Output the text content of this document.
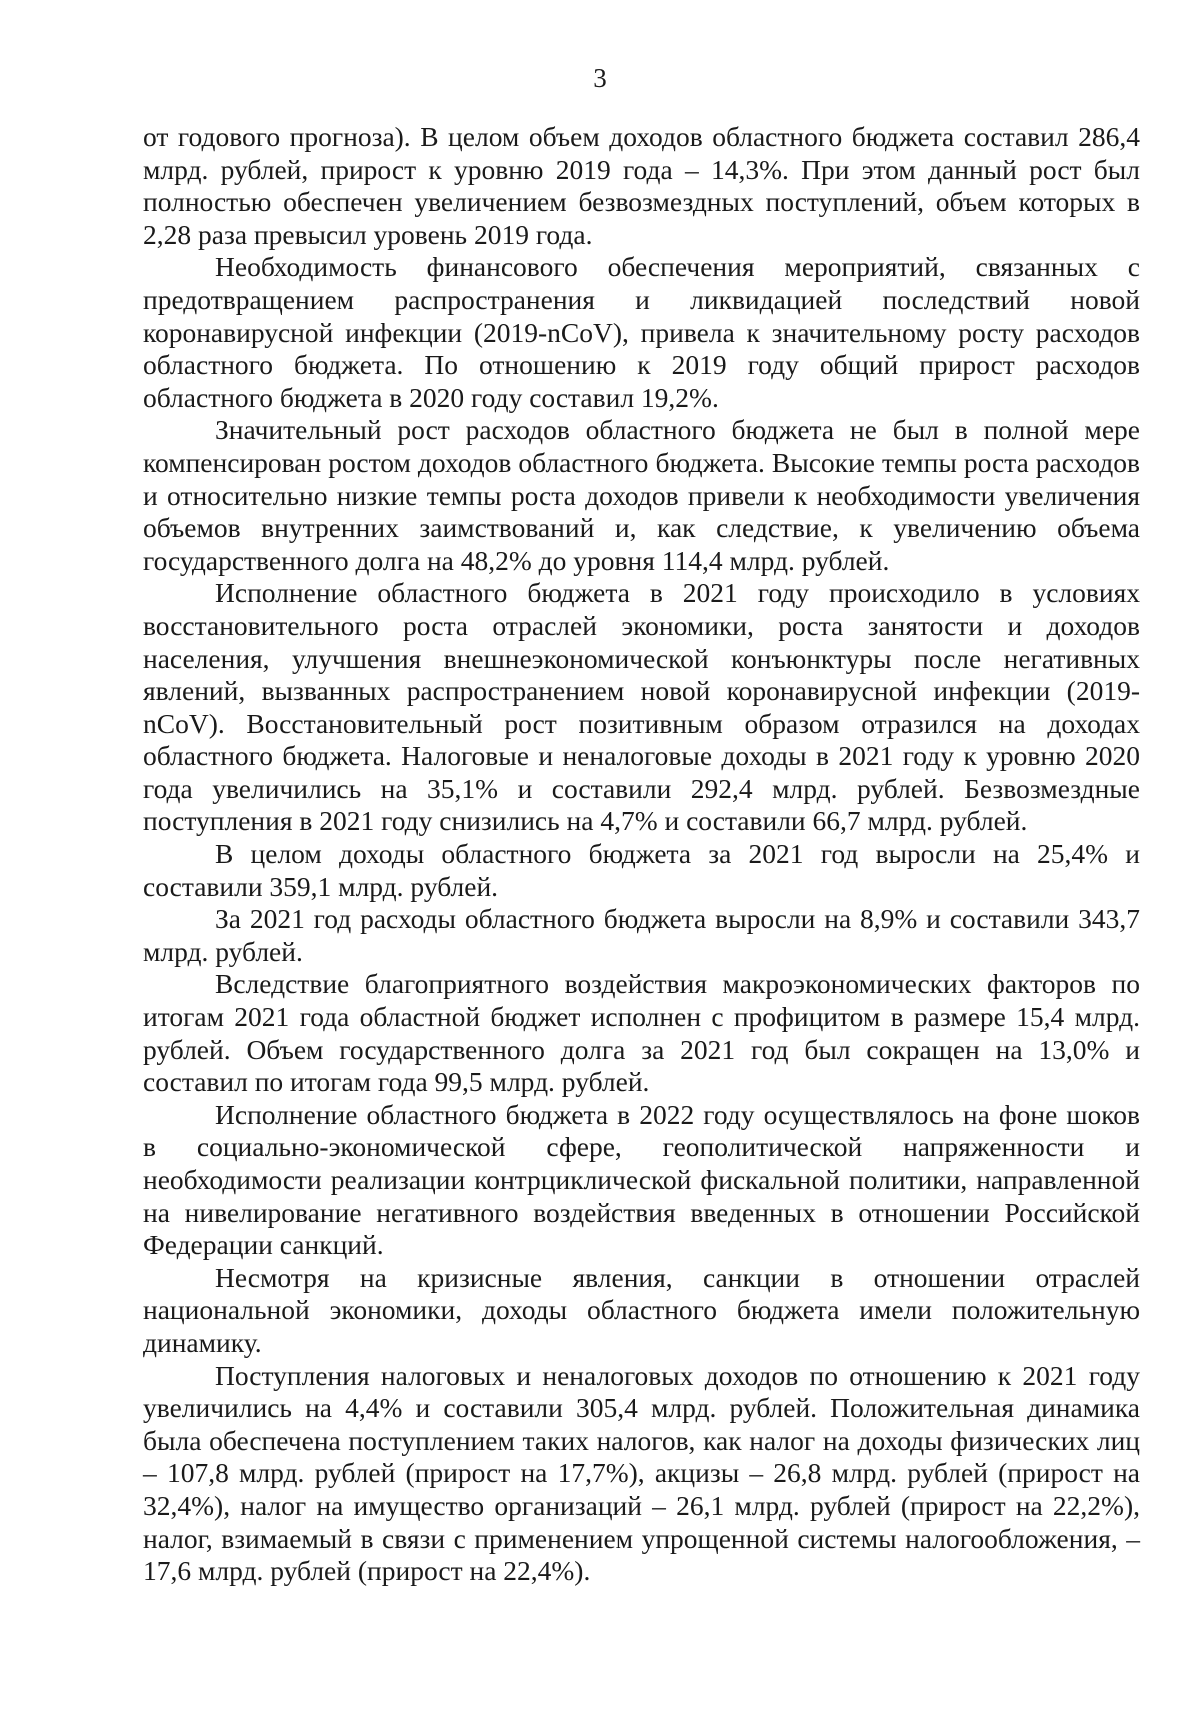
3

от годового прогноза). В целом объем доходов областного бюджета составил 286,4 млрд. рублей, прирост к уровню 2019 года – 14,3%. При этом данный рост был полностью обеспечен увеличением безвозмездных поступлений, объем которых в 2,28 раза превысил уровень 2019 года.

Необходимость финансового обеспечения мероприятий, связанных с предотвращением распространения и ликвидацией последствий новой коронавирусной инфекции (2019-nCoV), привела к значительному росту расходов областного бюджета. По отношению к 2019 году общий прирост расходов областного бюджета в 2020 году составил 19,2%.

Значительный рост расходов областного бюджета не был в полной мере компенсирован ростом доходов областного бюджета. Высокие темпы роста расходов и относительно низкие темпы роста доходов привели к необходимости увеличения объемов внутренних заимствований и, как следствие, к увеличению объема государственного долга на 48,2% до уровня 114,4 млрд. рублей.

Исполнение областного бюджета в 2021 году происходило в условиях восстановительного роста отраслей экономики, роста занятости и доходов населения, улучшения внешнеэкономической конъюнктуры после негативных явлений, вызванных распространением новой коронавирусной инфекции (2019-nCoV). Восстановительный рост позитивным образом отразился на доходах областного бюджета. Налоговые и неналоговые доходы в 2021 году к уровню 2020 года увеличились на 35,1% и составили 292,4 млрд. рублей. Безвозмездные поступления в 2021 году снизились на 4,7% и составили 66,7 млрд. рублей.

В целом доходы областного бюджета за 2021 год выросли на 25,4% и составили 359,1 млрд. рублей.

За 2021 год расходы областного бюджета выросли на 8,9% и составили 343,7 млрд. рублей.

Вследствие благоприятного воздействия макроэкономических факторов по итогам 2021 года областной бюджет исполнен с профицитом в размере 15,4 млрд. рублей. Объем государственного долга за 2021 год был сокращен на 13,0% и составил по итогам года 99,5 млрд. рублей.

Исполнение областного бюджета в 2022 году осуществлялось на фоне шоков в социально-экономической сфере, геополитической напряженности и необходимости реализации контрциклической фискальной политики, направленной на нивелирование негативного воздействия введенных в отношении Российской Федерации санкций.

Несмотря на кризисные явления, санкции в отношении отраслей национальной экономики, доходы областного бюджета имели положительную динамику.

Поступления налоговых и неналоговых доходов по отношению к 2021 году увеличились на 4,4% и составили 305,4 млрд. рублей. Положительная динамика была обеспечена поступлением таких налогов, как налог на доходы физических лиц – 107,8 млрд. рублей (прирост на 17,7%), акцизы – 26,8 млрд. рублей (прирост на 32,4%), налог на имущество организаций – 26,1 млрд. рублей (прирост на 22,2%), налог, взимаемый в связи с применением упрощенной системы налогообложения, – 17,6 млрд. рублей (прирост на 22,4%).
